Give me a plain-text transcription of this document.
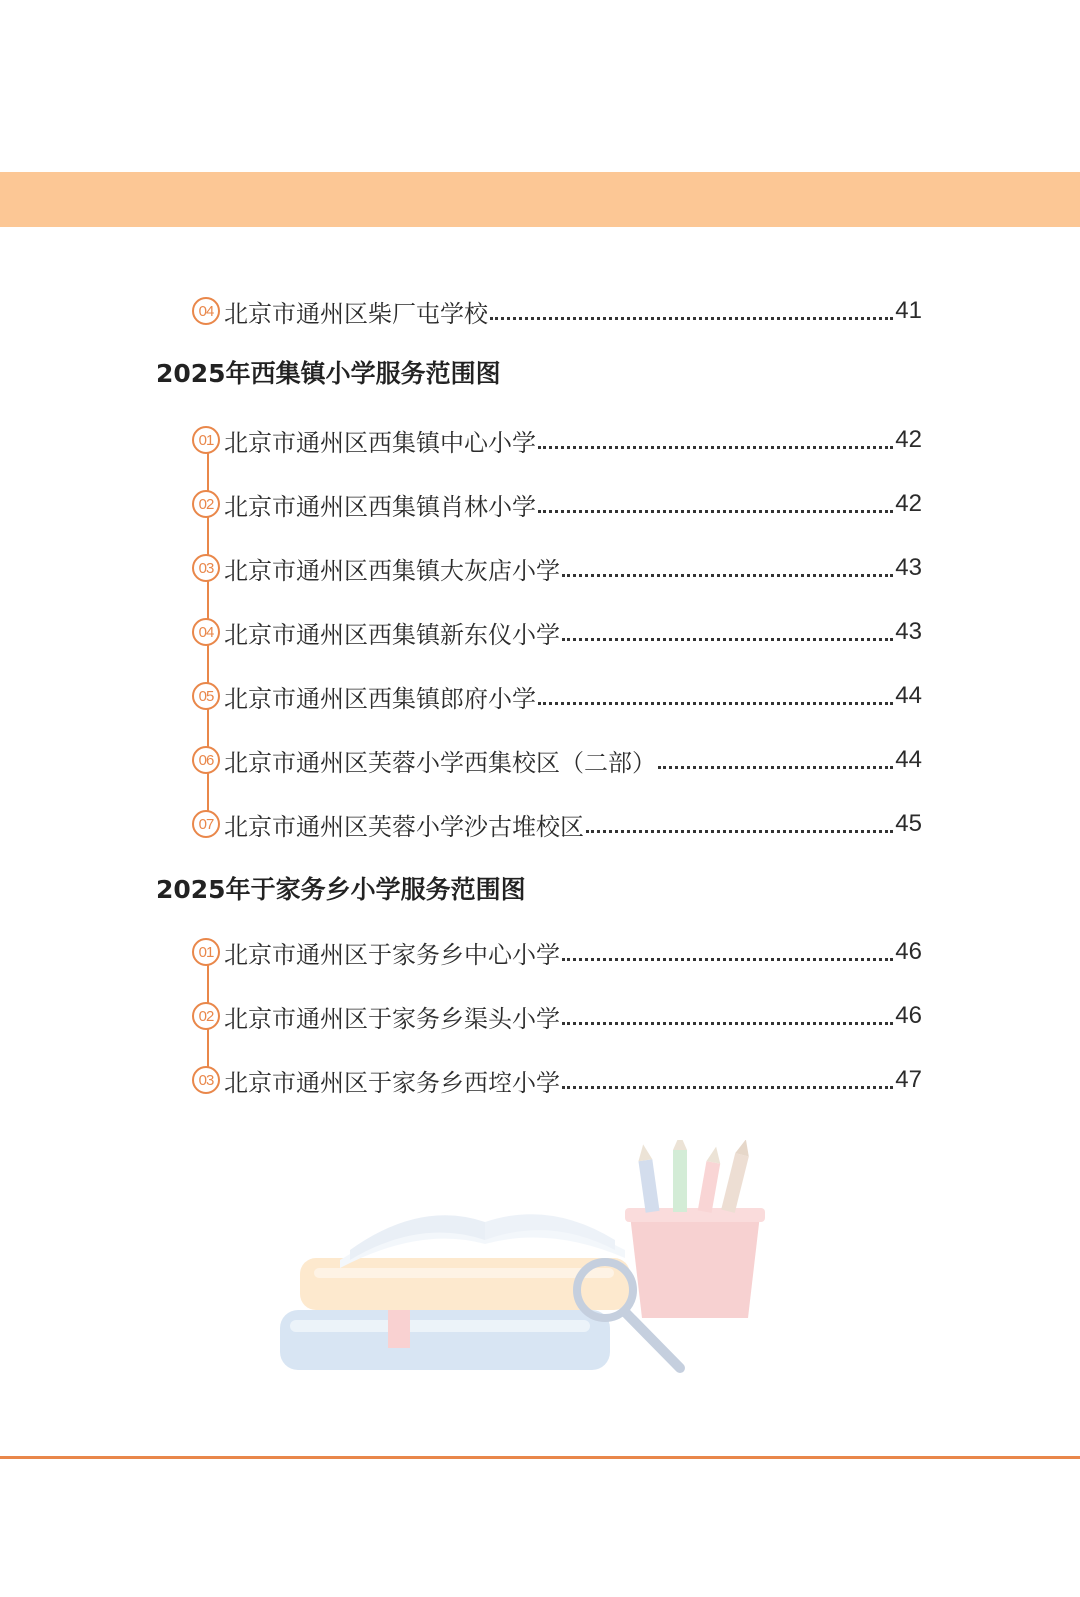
04 北京市通州区柴厂屯学校	41
2025年西集镇小学服务范围图
01 北京市通州区西集镇中心小学	42
02 北京市通州区西集镇肖林小学	42
03 北京市通州区西集镇大灰店小学	43
04 北京市通州区西集镇新东仪小学	43
05 北京市通州区西集镇郎府小学	44
06 北京市通州区芙蓉小学西集校区（二部）	44
07 北京市通州区芙蓉小学沙古堆校区	45
2025年于家务乡小学服务范围图
01 北京市通州区于家务乡中心小学	46
02 北京市通州区于家务乡渠头小学	46
03 北京市通州区于家务乡西埪小学	47
